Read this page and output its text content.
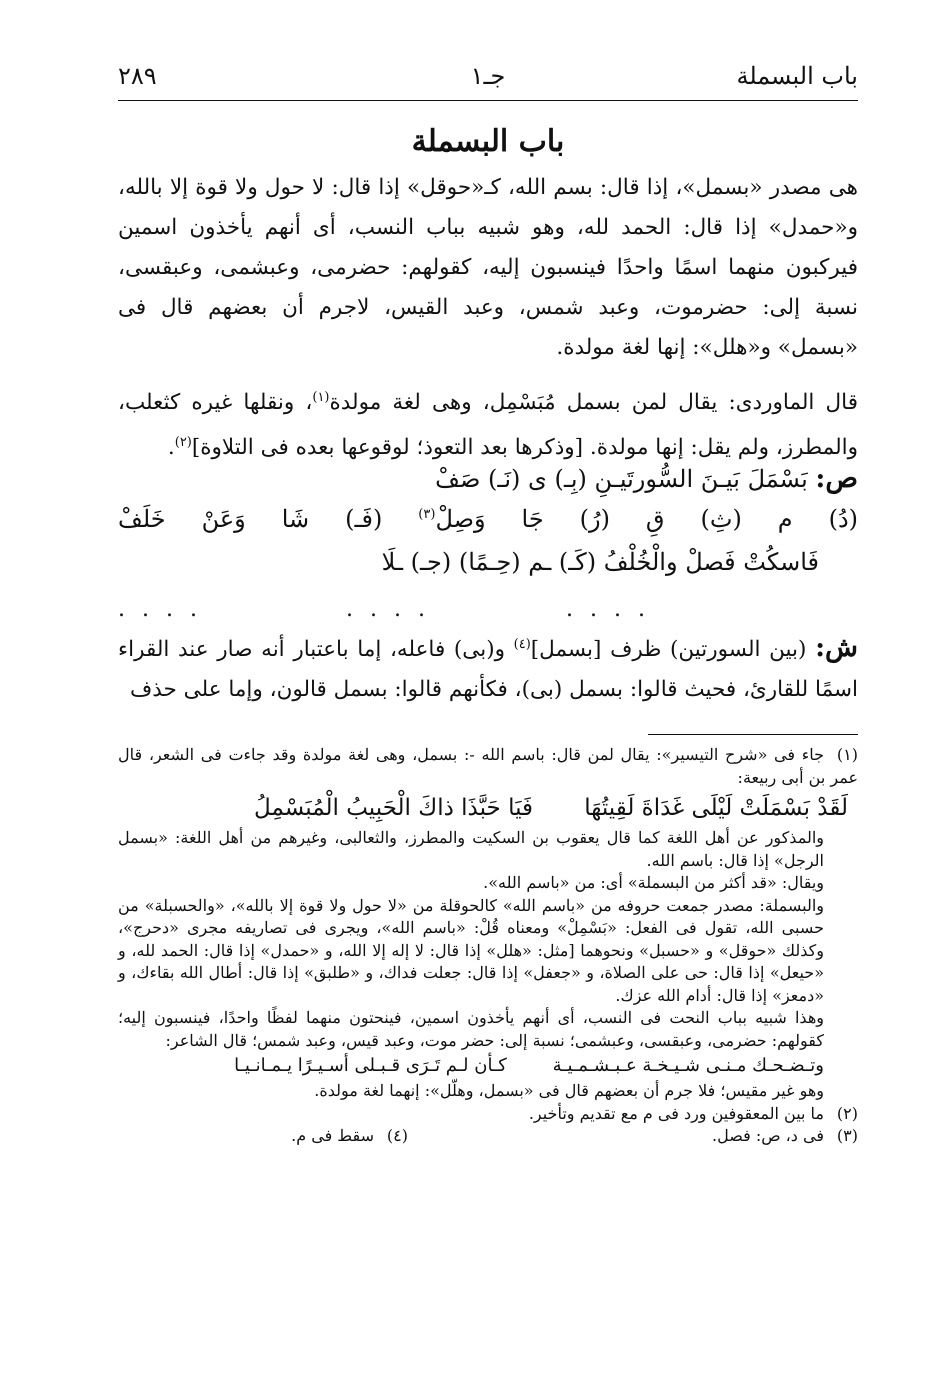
باب البسملة
جـ۱
٢٨٩
باب البسملة

هى مصدر «بسمل»، إذا قال: بسم الله، كـ«حوقل» إذا قال: لا حول ولا قوة إلا بالله، و«حمدل» إذا قال: الحمد لله، وهو شبيه بباب النسب، أى أنهم يأخذون اسمين فيركبون منهما اسمًا واحدًا فينسبون إليه، كقولهم: حضرمى، وعبشمى، وعبقسى، نسبة إلى: حضرموت، وعبد شمس، وعبد القيس، لاجرم أن بعضهم قال فى «بسمل» و«هلل»: إنها لغة مولدة.

قال الماوردى: يقال لمن بسمل مُبَسْمِل، وهى لغة مولدة$^{(١)}$، ونقلها غيره كثعلب، والمطرز، ولم يقل: إنها مولدة. [وذكرها بعد التعوذ؛ لوقوعها بعده فى التلاوة]$^{(٢)}$.

ص: بَسْمَلَ بَيـنَ السُّورتَيـنِ (بِـ) ى (نَـ) صَفْ
(دُ) م (ثِ) قِ (رُ) جَا وَصِلْ$^{(٣)}$ (فَـ) شَا وَعَنْ خَلَفْ
فَاسكُتْ فَصلْ والْخُلْفُ (كَـ) ـم (حِـمًا) (جـ) ـلَا
. . . .	. . . .	. . . .
ش: (بين السورتين) ظرف [بسمل]$^{(٤)}$ و(بى) فاعله، إما باعتبار أنه صار عند القراء اسمًا للقارئ، فحيث قالوا: بسمل (بى)، فكأنهم قالوا: بسمل قالون، وإما على حذف

(١)جاء فى «شرح التيسير»: يقال لمن قال: باسم الله -: بسمل، وهى لغة مولدة وقد جاءت فى الشعر، قال عمر بن أبى ربيعة:

لَقَدْ بَسْمَلَتْ لَيْلَى غَدَاةَ لَقِيتُهَا       فَيَا حَبَّذَا ذاكَ الْحَبِيبُ الْمُبَسْمِلُ

والمذكور عن أهل اللغة كما قال يعقوب بن السكيت والمطرز، والثعالبى، وغيرهم من أهل اللغة: «بسمل الرجل» إذا قال: باسم الله.

ويقال: «قد أكثر من البسملة» أى: من «باسم الله».

والبسملة: مصدر جمعت حروفه من «باسم الله» كالحوقلة من «لا حول ولا قوة إلا بالله»، «والحسبلة» من حسبى الله، تقول فى الفعل: «بَسْمِلْ» ومعناه قُلْ: «باسم الله»، ويجرى فى تصاريفه مجرى «دحرج»، وكذلك «حوقل» و «حسبل» ونحوهما [مثل: «هلل» إذا قال: لا إله إلا الله، و «حمدل» إذا قال: الحمد لله، و «حيعل» إذا قال: حى على الصلاة، و «جعفل» إذا قال: جعلت فداك، و «طلبق» إذا قال: أطال الله بقاءك، و «دمعز» إذا قال: أدام الله عزك.

وهذا شبيه بباب النحت فى النسب، أى أنهم يأخذون اسمين، فينحتون منهما لفظًا واحدًا، فينسبون إليه؛ كقولهم: حضرمى، وعبقسى، وعبشمى؛ نسبة إلى: حضر موت، وعبد قيس، وعبد شمس؛ قال الشاعر:

وتـضـحـك مـنـى شـيـخـة عـبـشـمـيـة        كـأن لـم تَـرَى قـبـلى أسـيـرًا يـمـانـيـا

وهو غير مقيس؛ فلا جرم أن بعضهم قال فى «بسمل، وهلّل»: إنهما لغة مولدة.

(٢)ما بين المعقوفين ورد فى م مع تقديم وتأخير.

(٣)فى د، ص: فصل.
(٤)سقط فى م.
